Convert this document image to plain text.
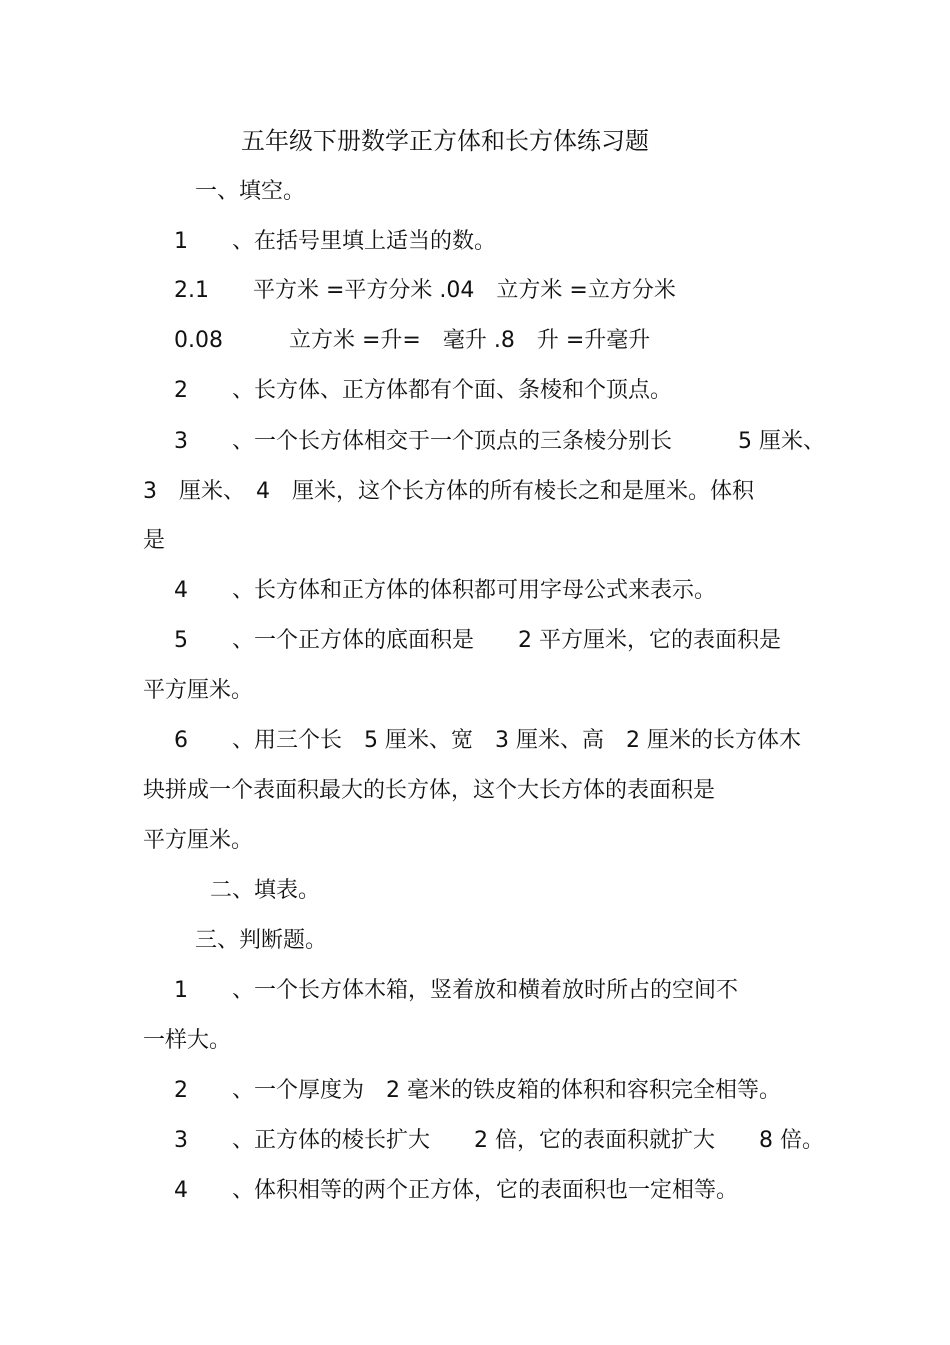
五年级下册数学正方体和长方体练习题
一、填空。
1　　、在括号里填上适当的数。
2.1　　平方米 =平方分米 .04　立方米 =立方分米
0.08　　　立方米 =升=　毫升 .8　升 =升毫升
2　　、长方体、正方体都有个面、条棱和个顶点。
3　　、一个长方体相交于一个顶点的三条棱分别长　　　5 厘米、
3　厘米、　4　厘米，这个长方体的所有棱长之和是厘米。体积
是
4　　、长方体和正方体的体积都可用字母公式来表示。
5　　、一个正方体的底面积是　　2 平方厘米，它的表面积是
平方厘米。
6　　、用三个长　5 厘米、宽　3 厘米、高　2 厘米的长方体木
块拼成一个表面积最大的长方体，这个大长方体的表面积是
平方厘米。
二、填表。
三、判断题。
1　　、一个长方体木箱，竖着放和横着放时所占的空间不
一样大。
2　　、一个厚度为　2 毫米的铁皮箱的体积和容积完全相等。
3　　、正方体的棱长扩大　　2 倍，它的表面积就扩大　　8 倍。
4　　、体积相等的两个正方体，它的表面积也一定相等。
